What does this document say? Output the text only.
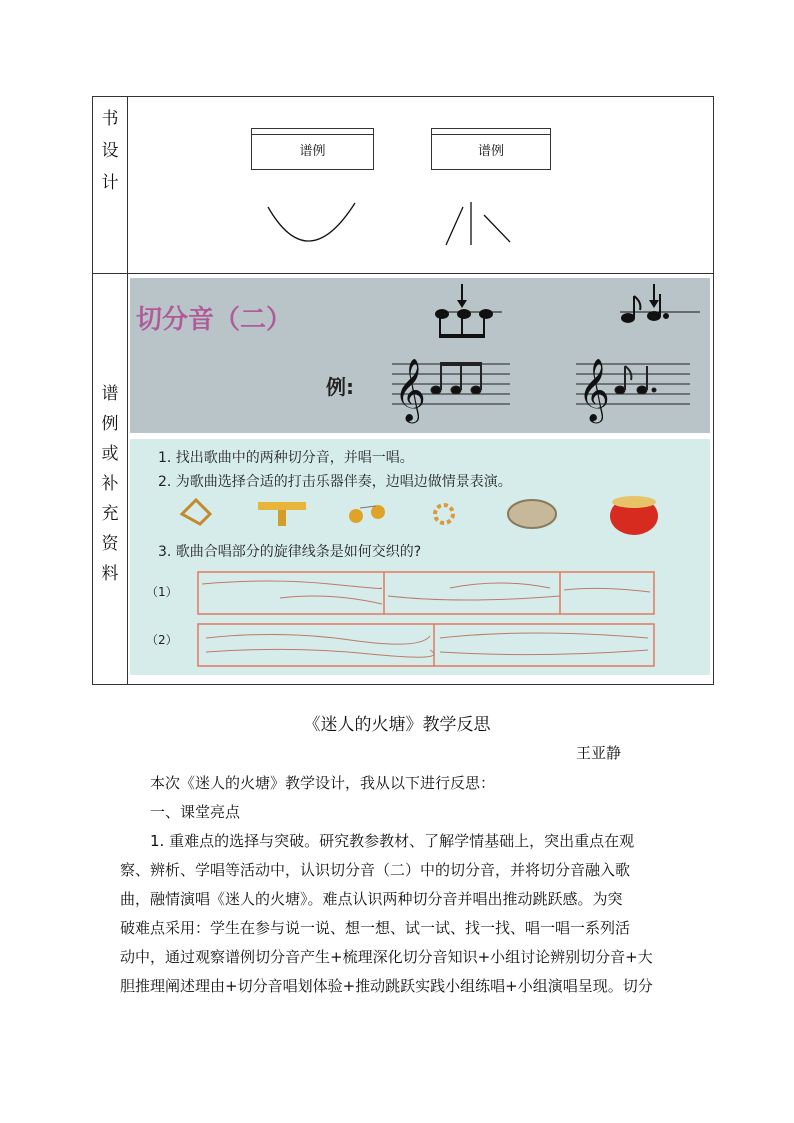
书
设
计
谱例	谱例
谱
例
或
补
充
资
料
切分音（二）
例: 𝄞	𝄞
1. 找出歌曲中的两种切分音，并唱一唱。
2. 为歌曲选择合适的打击乐器伴奏，边唱边做情景表演。
3. 歌曲合唱部分的旋律线条是如何交织的?
（1）
（2）
《迷人的火塘》教学反思
王亚静

本次《迷人的火塘》教学设计，我从以下进行反思：

一、课堂亮点

1. 重难点的选择与突破。研究教参教材、了解学情基础上，突出重点在观
察、辨析、学唱等活动中，认识切分音（二）中的切分音，并将切分音融入歌
曲，融情演唱《迷人的火塘》。难点认识两种切分音并唱出推动跳跃感。为突
破难点采用：学生在参与说一说、想一想、试一试、找一找、唱一唱一系列活
动中，通过观察谱例切分音产生+梳理深化切分音知识+小组讨论辨别切分音+大
胆推理阐述理由+切分音唱划体验+推动跳跃实践小组练唱+小组演唱呈现。切分
